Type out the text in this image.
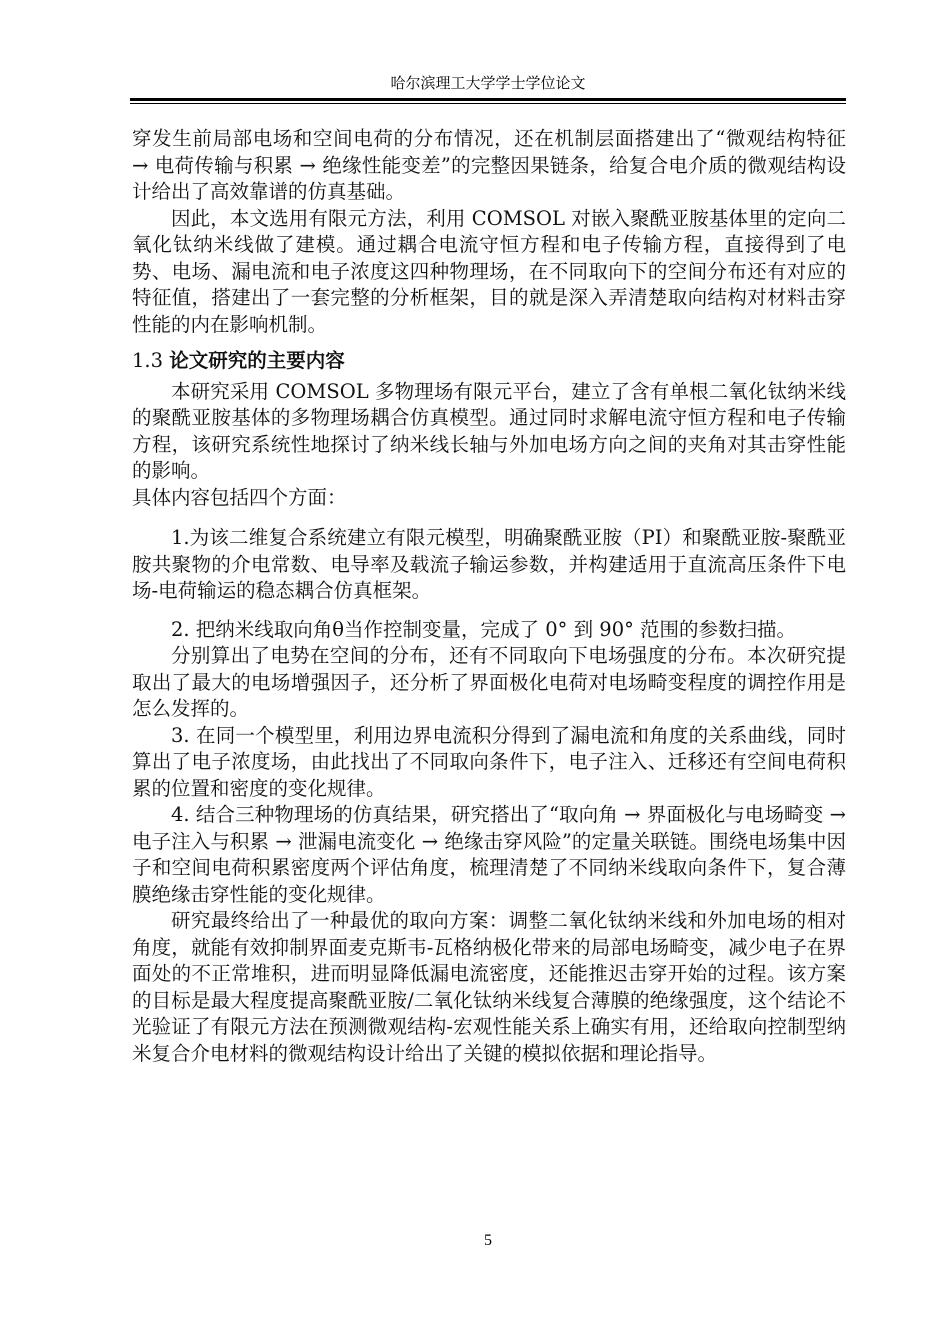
哈尔滨理工大学学士学位论文

穿发生前局部电场和空间电荷的分布情况，还在机制层面搭建出了“微观结构特征 → 电荷传输与积累 → 绝缘性能变差”的完整因果链条，给复合电介质的微观结构设计给出了高效靠谱的仿真基础。

因此，本文选用有限元方法，利用 COMSOL 对嵌入聚酰亚胺基体里的定向二氧化钛纳米线做了建模。通过耦合电流守恒方程和电子传输方程，直接得到了电势、电场、漏电流和电子浓度这四种物理场，在不同取向下的空间分布还有对应的特征值，搭建出了一套完整的分析框架，目的就是深入弄清楚取向结构对材料击穿性能的内在影响机制。

1.3 论文研究的主要内容

本研究采用 COMSOL 多物理场有限元平台，建立了含有单根二氧化钛纳米线的聚酰亚胺基体的多物理场耦合仿真模型。通过同时求解电流守恒方程和电子传输方程，该研究系统性地探讨了纳米线长轴与外加电场方向之间的夹角对其击穿性能的影响。

具体内容包括四个方面：

1.为该二维复合系统建立有限元模型，明确聚酰亚胺（PI）和聚酰亚胺-聚酰亚胺共聚物的介电常数、电导率及载流子输运参数，并构建适用于直流高压条件下电场-电荷输运的稳态耦合仿真框架。

2. 把纳米线取向角θ当作控制变量，完成了 0° 到 90° 范围的参数扫描。

分别算出了电势在空间的分布，还有不同取向下电场强度的分布。本次研究提取出了最大的电场增强因子，还分析了界面极化电荷对电场畸变程度的调控作用是怎么发挥的。

3. 在同一个模型里，利用边界电流积分得到了漏电流和角度的关系曲线，同时算出了电子浓度场，由此找出了不同取向条件下，电子注入、迁移还有空间电荷积累的位置和密度的变化规律。

4. 结合三种物理场的仿真结果，研究搭出了“取向角 → 界面极化与电场畸变 → 电子注入与积累 → 泄漏电流变化 → 绝缘击穿风险”的定量关联链。围绕电场集中因子和空间电荷积累密度两个评估角度，梳理清楚了不同纳米线取向条件下，复合薄膜绝缘击穿性能的变化规律。

研究最终给出了一种最优的取向方案：调整二氧化钛纳米线和外加电场的相对角度，就能有效抑制界面麦克斯韦-瓦格纳极化带来的局部电场畸变，减少电子在界面处的不正常堆积，进而明显降低漏电流密度，还能推迟击穿开始的过程。该方案的目标是最大程度提高聚酰亚胺/二氧化钛纳米线复合薄膜的绝缘强度，这个结论不光验证了有限元方法在预测微观结构-宏观性能关系上确实有用，还给取向控制型纳米复合介电材料的微观结构设计给出了关键的模拟依据和理论指导。

5
